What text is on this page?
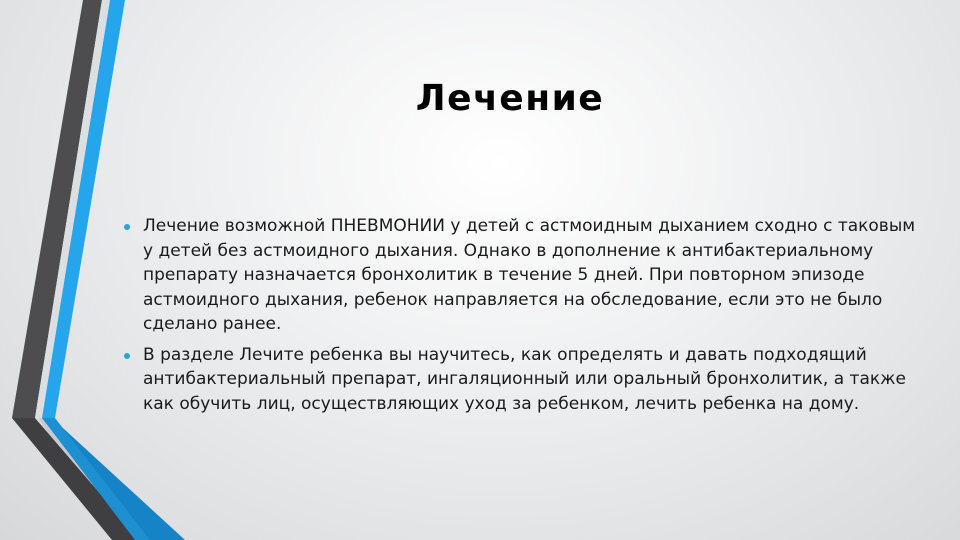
Лечение
Лечение возможной ПНЕВМОНИИ у детей с астмоидным дыханием сходно с таковым у детей без астмоидного дыхания. Однако в дополнение к антибактериальному препарату назначается бронхолитик в течение 5 дней. При повторном эпизоде астмоидного дыхания, ребенок направляется на обследование, если это не было сделано ранее.
В разделе Лечите ребенка вы научитесь, как определять и давать подходящий антибактериальный препарат, ингаляционный или оральный бронхолитик, а также как обучить лиц, осуществляющих уход за ребенком, лечить ребенка на дому.
